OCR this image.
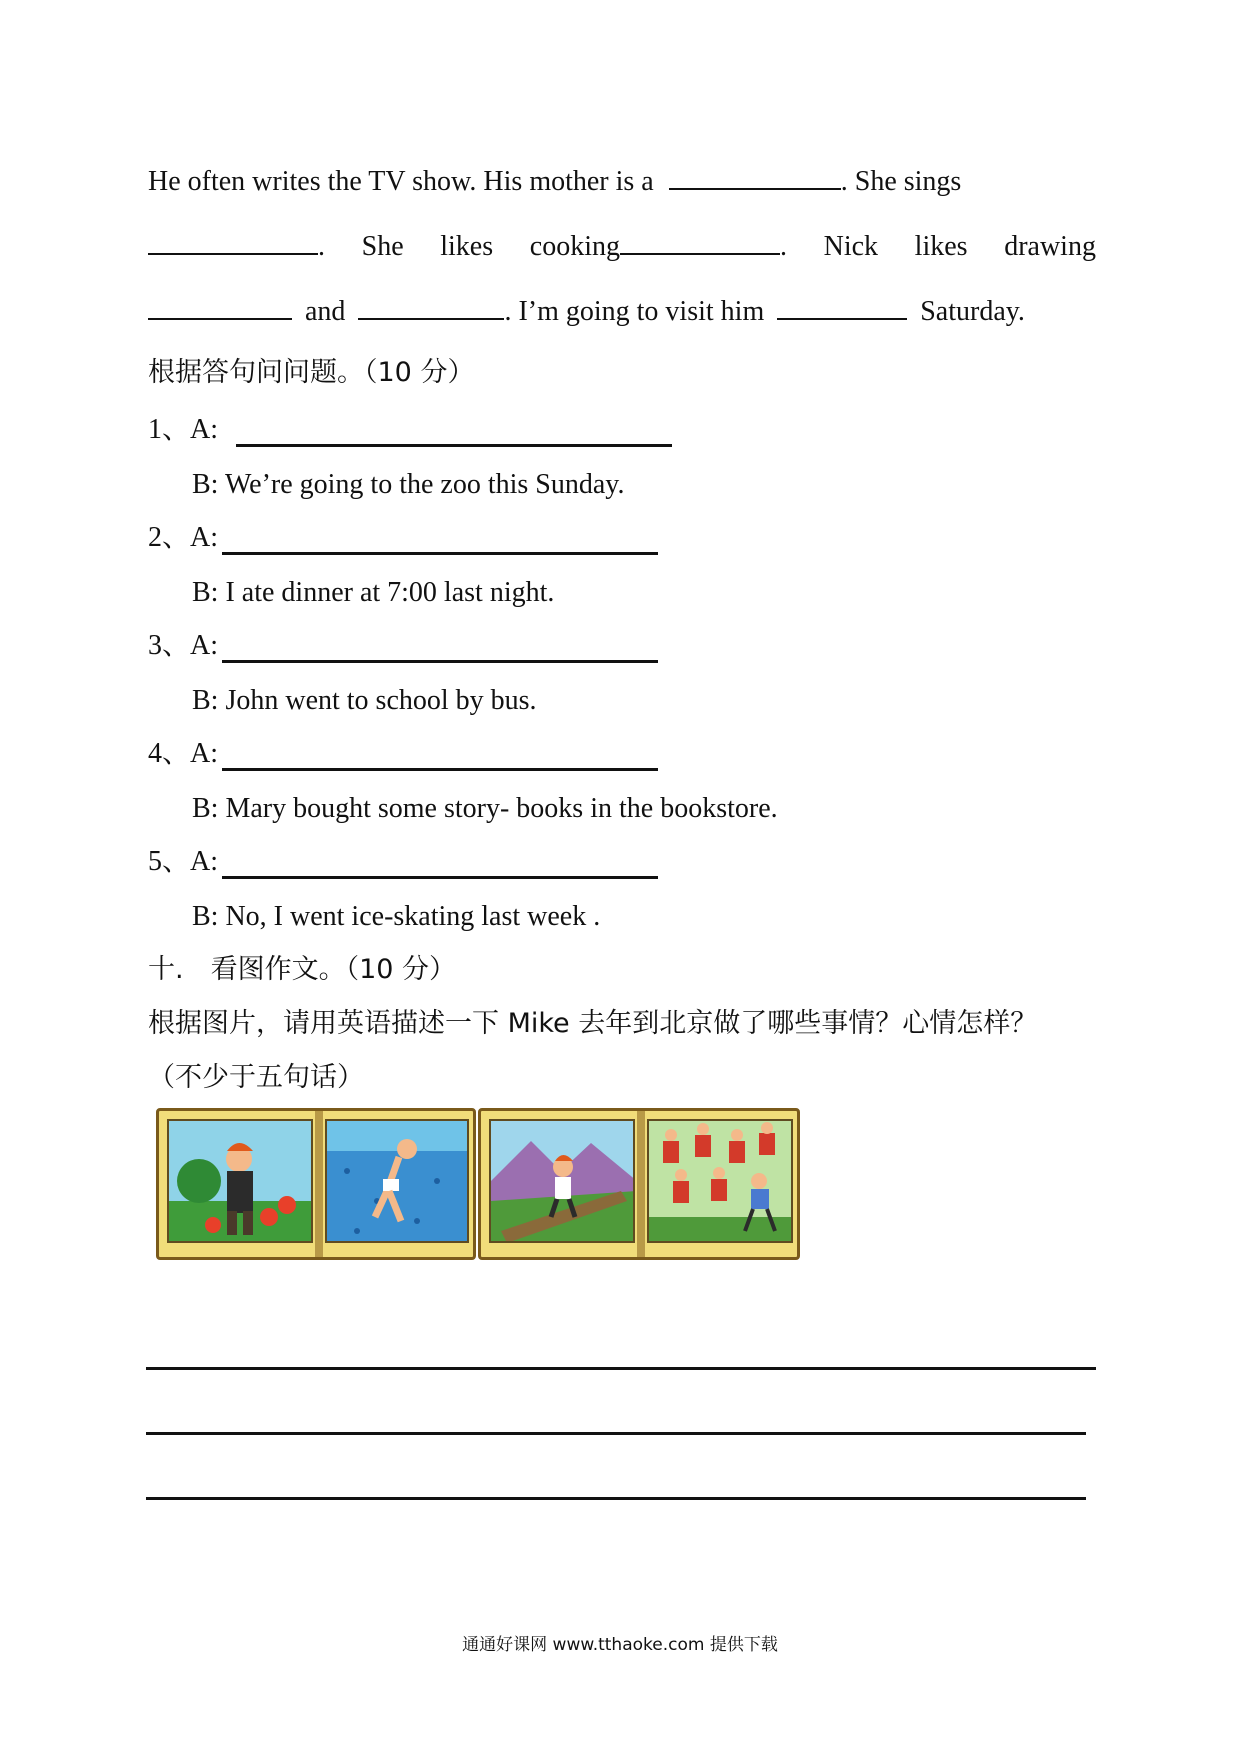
He often writes the TV show. His mother is a	. She sings
. She likes cooking	. Nick likes drawing
and	. I’m going to visit him	Saturday.
根据答句问问题。（10 分）
1、A:
B: We’re going to the zoo this Sunday.
2、A:
B: I ate dinner at 7:00 last night.
3、A:
B: John went to school by bus.
4、A:
B: Mary bought some story- books in the bookstore.
5、A:
B: No, I went ice-skating last week .
十.　看图作文。（10 分）
根据图片，请用英语描述一下 Mike 去年到北京做了哪些事情？心情怎样？
（不少于五句话）
通通好课网 www.tthaoke.com 提供下载
